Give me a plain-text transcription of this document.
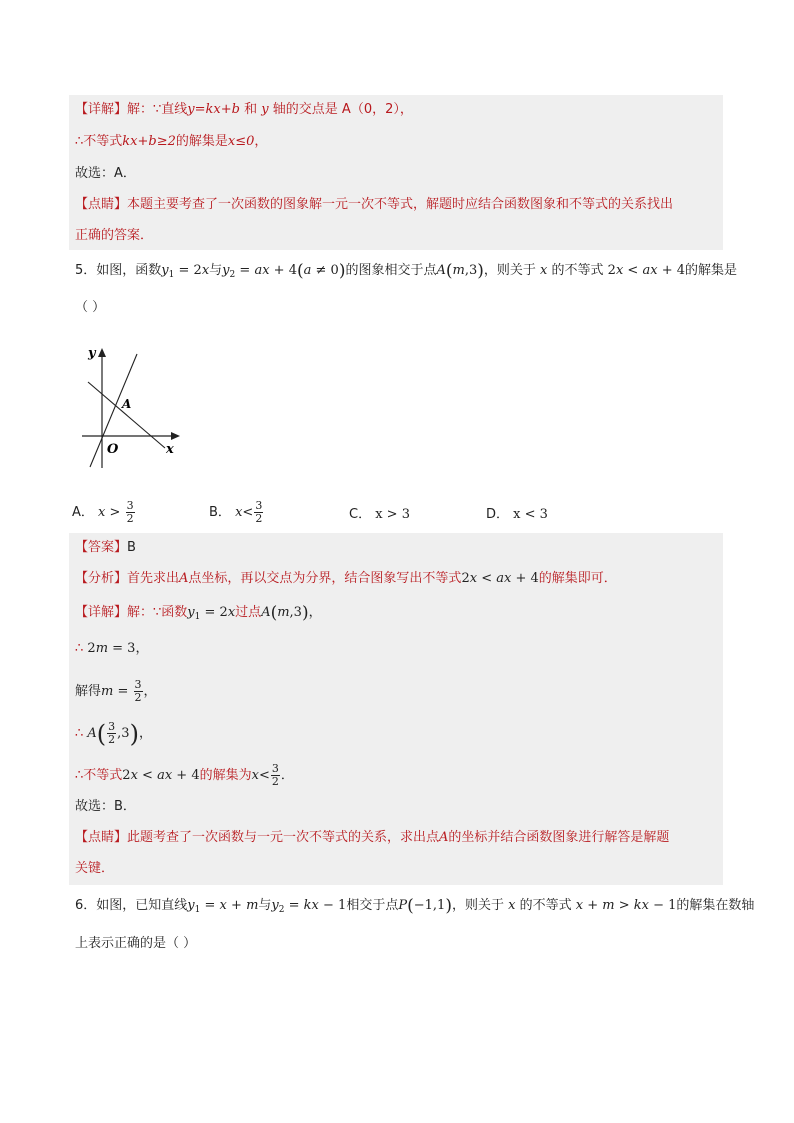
【详解】解：∵直线y=kx+b 和 y 轴的交点是 A（0，2），
∴不等式kx+b≥2的解集是x≤0，
故选：A．
【点睛】本题主要考查了一次函数的图象解一元一次不等式，解题时应结合函数图象和不等式的关系找出
正确的答案．
5．如图，函数$y_1 = 2x$与$y_2$ = ax + 4(a ≠ 0)的图象相交于点A(m,3)，则关于 x 的不等式 2x < ax + 4的解集是
（ ）
y
x
O
A
A． $x > \frac{3}{2}$	B． $x< \frac{3}{2}$	C． x > 3	D． x < 3
【答案】B
【分析】首先求出A点坐标，再以交点为分界，结合图象写出不等式2x < ax + 4的解集即可．
【详解】解：∵函数$y_1 = 2x$过点A(m,3)，
∴ 2m = 3，
解得$m = \frac{3}{2}$ ，
∴ $A( \frac{3}{2} ,3)$，
∴不等式2x < ax + 4的解集为$x< \frac{3}{2}$ ．
故选：B．
【点睛】此题考查了一次函数与一元一次不等式的关系，求出点A的坐标并结合函数图象进行解答是解题
关键．
6．如图，已知直线$y_1 = x + m$与$y_2$ = kx − 1相交于点P(−1,1)，则关于 x 的不等式 x + m > kx − 1的解集在数轴
上表示正确的是（ ）
